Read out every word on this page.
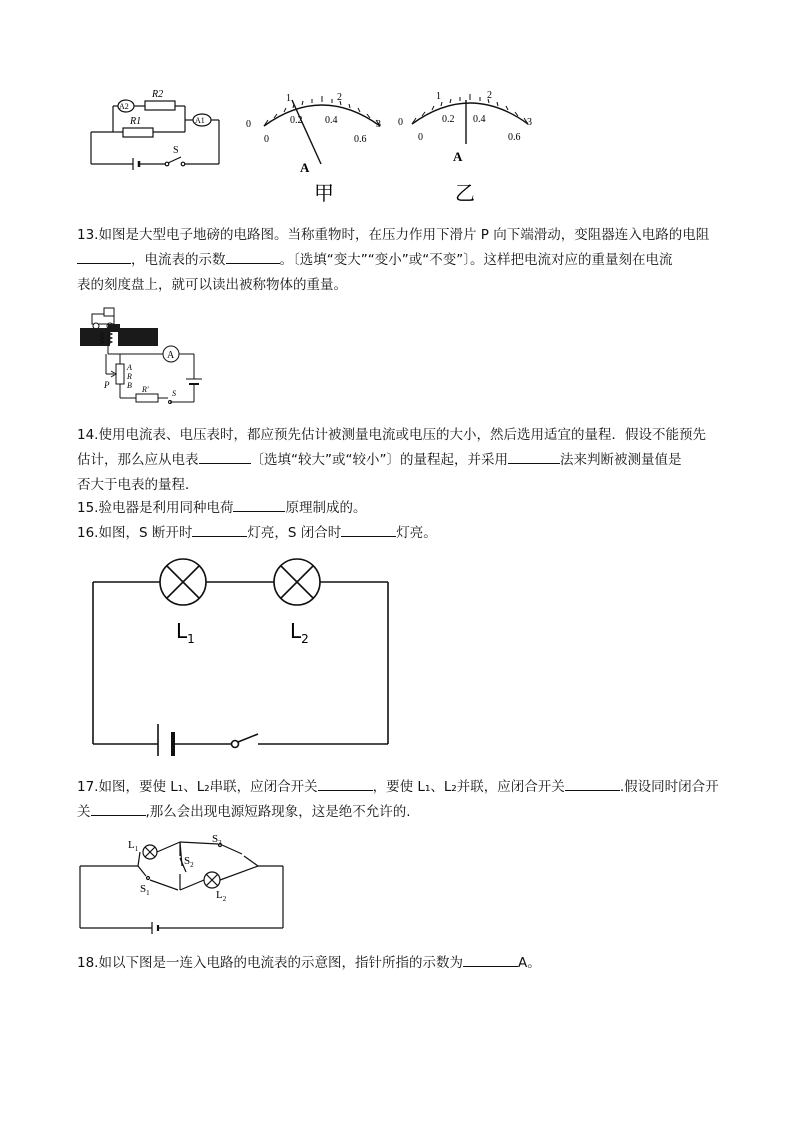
A2
R2
R1	A1
S
0
1	2
3
0
0.2 0.4
0.6
A
甲
0
1	2
3
0
0.2 0.4
0.6
A
乙
13.如图是大型电子地磅的电路图。当称重物时，在压力作用下滑片 P 向下端滑动，变阻器连入电路的电阻
，电流表的示数	。〔选填“变大”“变小”或“不变”〕。这样把电流对应的重量刻在电流
表的刻度盘上，就可以读出被称物体的重量。
A
A
R
B
P	R′	S
14.使用电流表、电压表时，都应预先估计被测量电流或电压的大小，然后选用适宜的量程．假设不能预先
估计，那么应从电表	〔选填“较大”或“较小”〕的量程起，并采用	法来判断被测量值是
否大于电表的量程．
15.验电器是利用同种电荷	原理制成的。
16.如图，S 断开时	灯亮，S 闭合时	灯亮。
$L_1$	$L_2$
17.如图，要使 L₁、L₂串联，应闭合开关	，要使 L₁、L₂并联，应闭合开关	.假设同时闭合开
关	,那么会出现电源短路现象，这是绝不允许的.
$L_1$
$S_3$
$S_2$
$S_1$	$L_2$
18.如以下图是一连入电路的电流表的示意图，指针所指的示数为	A。
